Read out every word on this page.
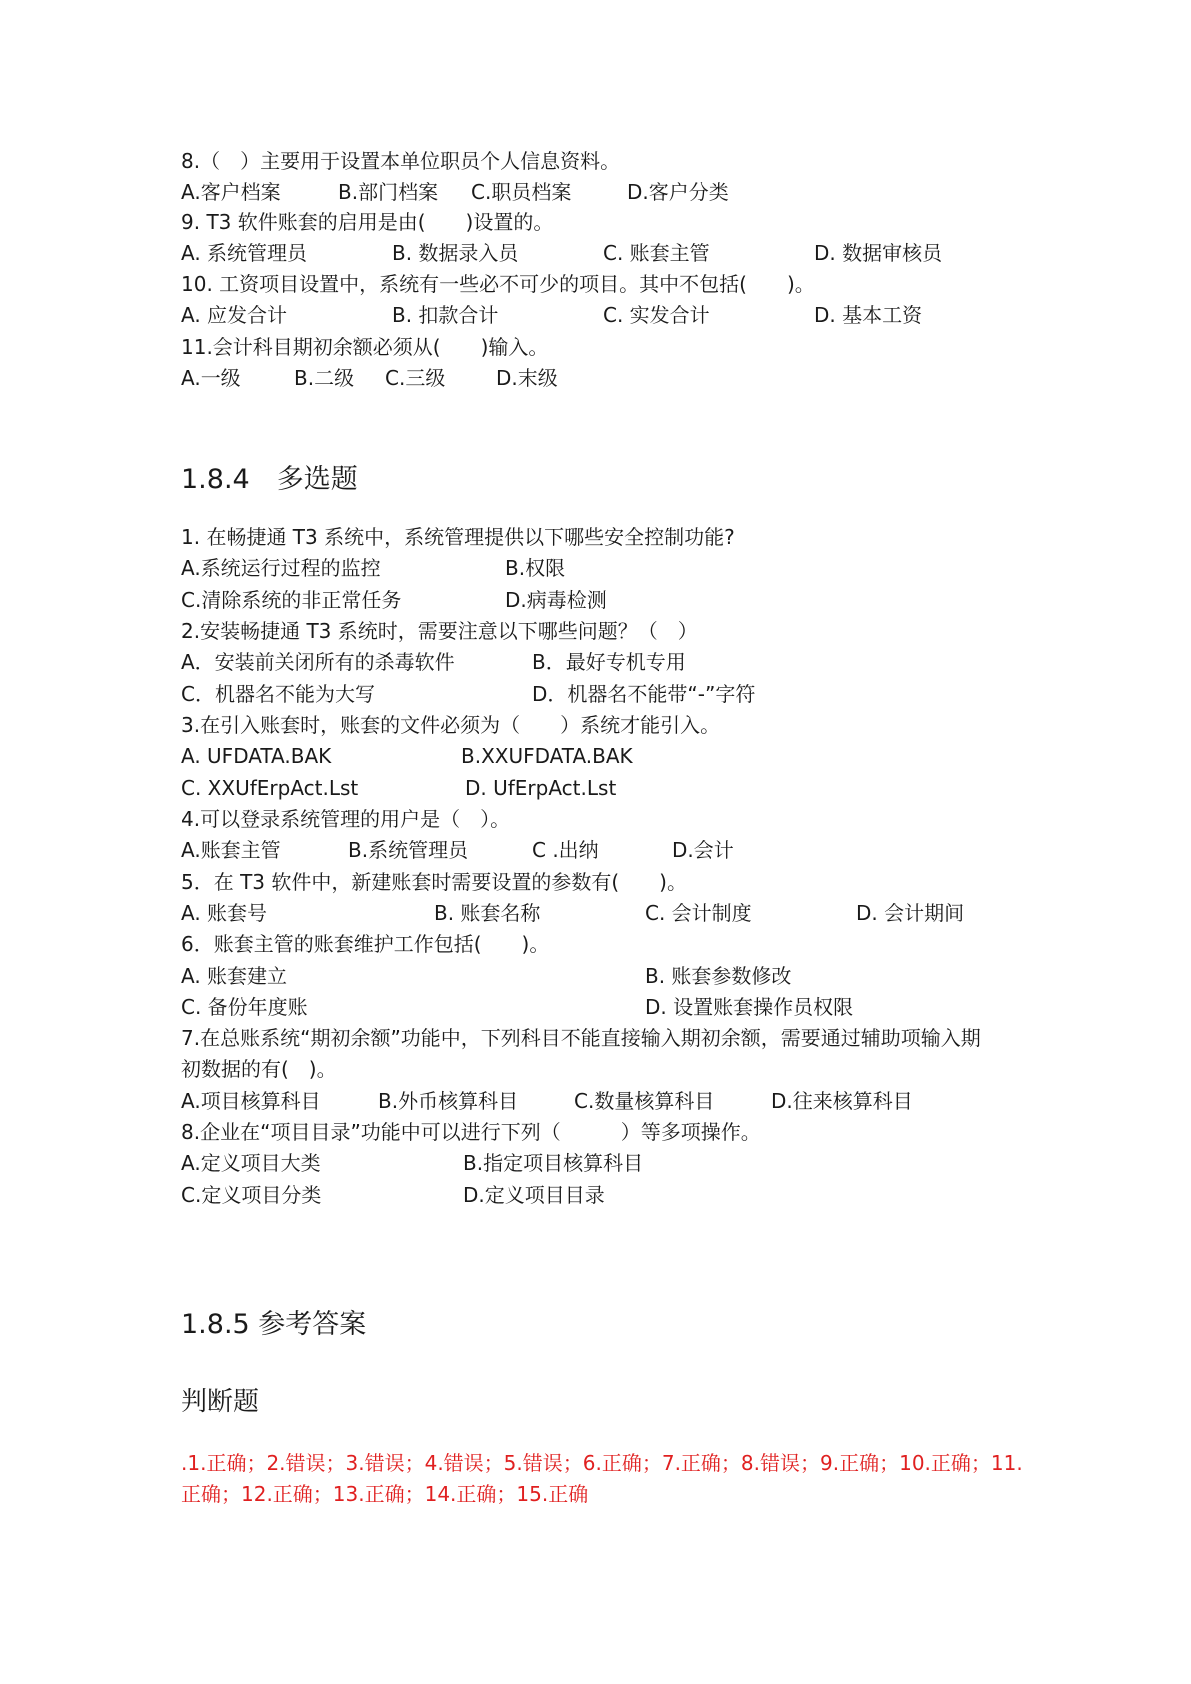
8.（　）主要用于设置本单位职员个人信息资料。
A.客户档案	B.部门档案 C.职员档案	D.客户分类
9. T3 软件账套的启用是由(　　)设置的。
A. 系统管理员	B. 数据录入员	C. 账套主管	D. 数据审核员
10. 工资项目设置中，系统有一些必不可少的项目。其中不包括(　　)。
A. 应发合计	B. 扣款合计	C. 实发合计	D. 基本工资
11.会计科目期初余额必须从(　　)输入。
A.一级	B.二级 C.三级	D.末级
1.8.4　多选题
1. 在畅捷通 T3 系统中，系统管理提供以下哪些安全控制功能?
A.系统运行过程的监控	B.权限
C.清除系统的非正常任务	D.病毒检测
2.安装畅捷通 T3 系统时，需要注意以下哪些问题？（　）
A．安装前关闭所有的杀毒软件	B．最好专机专用
C．机器名不能为大写	D．机器名不能带“-”字符
3.在引入账套时，账套的文件必须为（　　）系统才能引入。
A. UFDATA.BAK	B.XXUFDATA.BAK
C. XXUfErpAct.Lst	D. UfErpAct.Lst
4.可以登录系统管理的用户是（　）。
A.账套主管	B.系统管理员	C .出纳	D.会计
5．在 T3 软件中，新建账套时需要设置的参数有(　　)。
A. 账套号	B. 账套名称	C. 会计制度	D. 会计期间
6．账套主管的账套维护工作包括(　　)。
A. 账套建立	B. 账套参数修改
C. 备份年度账	D. 设置账套操作员权限
7.在总账系统“期初余额”功能中，下列科目不能直接输入期初余额，需要通过辅助项输入期
初数据的有(　)。
A.项目核算科目	B.外币核算科目	C.数量核算科目	D.往来核算科目
8.企业在“项目目录”功能中可以进行下列（　　　）等多项操作。
A.定义项目大类	B.指定项目核算科目
C.定义项目分类	D.定义项目目录
1.8.5 参考答案
判断题
.1.正确；2.错误；3.错误；4.错误；5.错误；6.正确；7.正确；8.错误；9.正确；10.正确；11.正确；12.正确；13.正确；14.正确；15.正确
